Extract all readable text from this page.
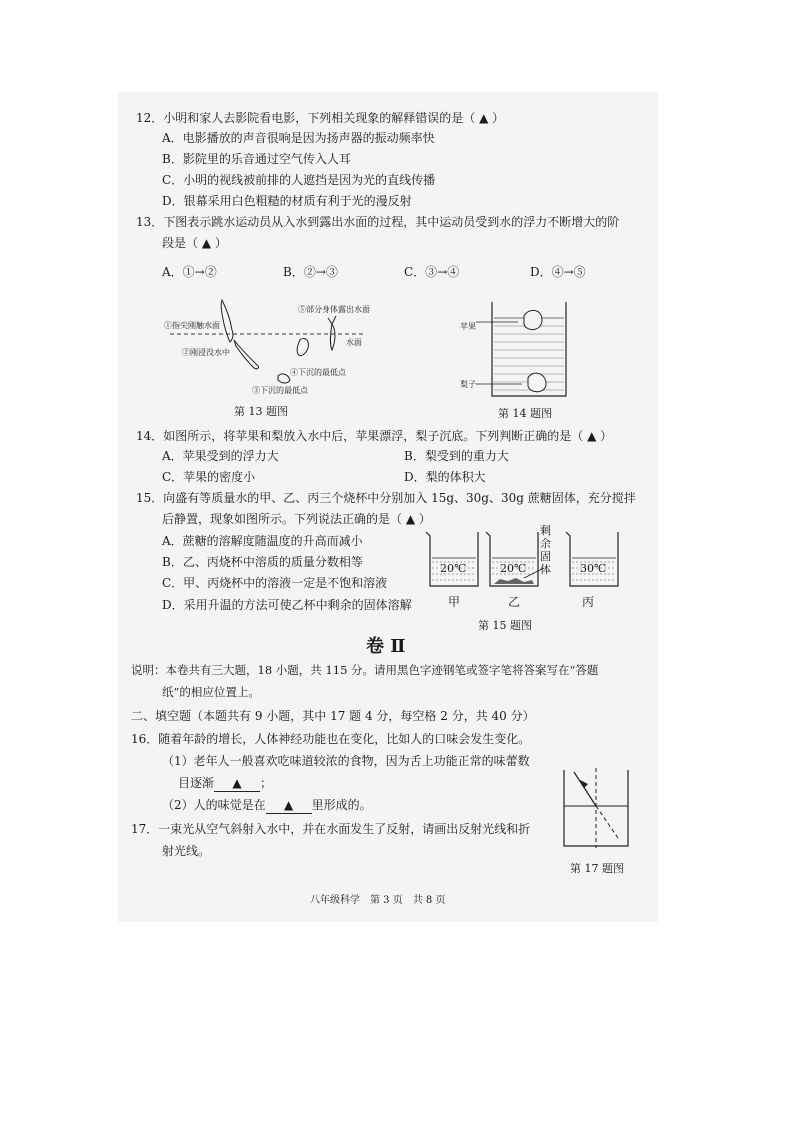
12．小明和家人去影院看电影，下列相关现象的解释错误的是（ ▲ ）
A．电影播放的声音很响是因为扬声器的振动频率快
B．影院里的乐音通过空气传入人耳
C．小明的视线被前排的人遮挡是因为光的直线传播
D．银幕采用白色粗糙的材质有利于光的漫反射
13．下图表示跳水运动员从入水到露出水面的过程，其中运动员受到水的浮力不断增大的阶
段是（ ▲ ）
A．①→②	B．②→③	C．③→④	D．④→⑤
①指尖刚触水面
②刚浸没水中
③下沉的最低点
④下沉的最低点
⑤部分身体露出水面
水面
第 13 题图
苹果
梨子
第 14 题图
14．如图所示，将苹果和梨放入水中后，苹果漂浮，梨子沉底。下列判断正确的是（ ▲ ）
A．苹果受到的浮力大	B．梨受到的重力大
C．苹果的密度小	D．梨的体积大
15．向盛有等质量水的甲、乙、丙三个烧杯中分别加入 15g、30g、30g 蔗糖固体，充分搅拌
后静置，现象如图所示。下列说法正确的是（ ▲ ）
A．蔗糖的溶解度随温度的升高而减小
B．乙、丙烧杯中溶质的质量分数相等
C．甲、丙烧杯中的溶液一定是不饱和溶液
D．采用升温的方法可使乙杯中剩余的固体溶解
20℃	20℃	30℃
剩余固体
甲	乙	丙
第 15 题图
卷 Ⅱ
说明：本卷共有三大题，18 小题，共 115 分。请用黑色字迹钢笔或签字笔将答案写在“答题
纸”的相应位置上。
二、填空题（本题共有 9 小题，其中 17 题 4 分，每空格 2 分，共 40 分）
16．随着年龄的增长，人体神经功能也在变化，比如人的口味会发生变化。
（1）老年人一般喜欢吃味道较浓的食物，因为舌上功能正常的味蕾数
目逐渐 ▲ ；
（2）人的味觉是在 ▲ 里形成的。
17．一束光从空气斜射入水中，并在水面发生了反射，请画出反射光线和折
射光线。
第 17 题图
八年级科学　第 3 页　共 8 页
